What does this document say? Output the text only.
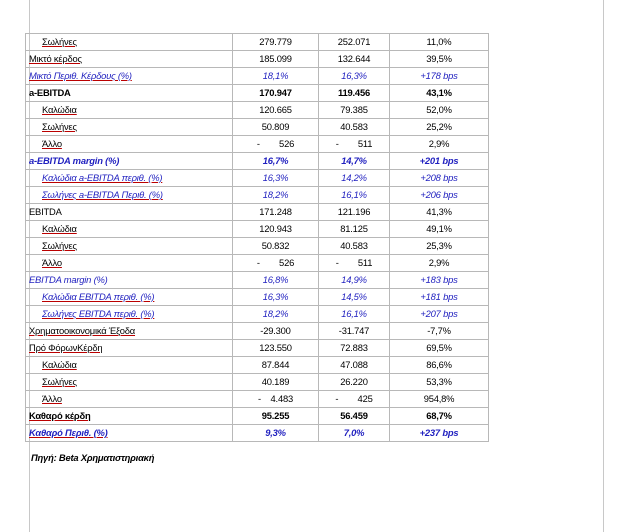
Σωλήνες	279.779	252.071	11,0%
Μικτό κέρδος	185.099	132.644	39,5%
Μικτό Περιθ. Κέρδους (%)	18,1%	16,3%	+178 bps
a-EBITDA	170.947	119.456	43,1%
Καλώδια	120.665	79.385	52,0%
Σωλήνες	50.809	40.583	25,2%
Άλλο	-        526	-        511	2,9%
a-EBITDA margin (%)	16,7%	14,7%	+201 bps
Καλώδια a-EBITDA περιθ. (%)	16,3%	14,2%	+208 bps
Σωλήνες a-EBITDA Περιθ. (%)	18,2%	16,1%	+206 bps
EBITDA	171.248	121.196	41,3%
Καλώδια	120.943	81.125	49,1%
Σωλήνες	50.832	40.583	25,3%
Άλλο	-        526	-        511	2,9%
EBITDA margin (%)	16,8%	14,9%	+183 bps
Καλώδια EBITDA περιθ. (%)	16,3%	14,5%	+181 bps
Σωλήνες EBITDA περιθ. (%)	18,2%	16,1%	+207 bps
Χρηματοοικονομικά Έξοδα	-29.300	-31.747	-7,7%
Πρό ΦόρωνΚέρδη	123.550	72.883	69,5%
Καλώδια	87.844	47.088	86,6%
Σωλήνες	40.189	26.220	53,3%
Άλλο	-    4.483	-        425	954,8%
Καθαρό κέρδη	95.255	56.459	68,7%
Καθαρό Περιθ. (%)	9,3%	7,0%	+237 bps
Πηγή: Beta Χρηματιστηριακή
